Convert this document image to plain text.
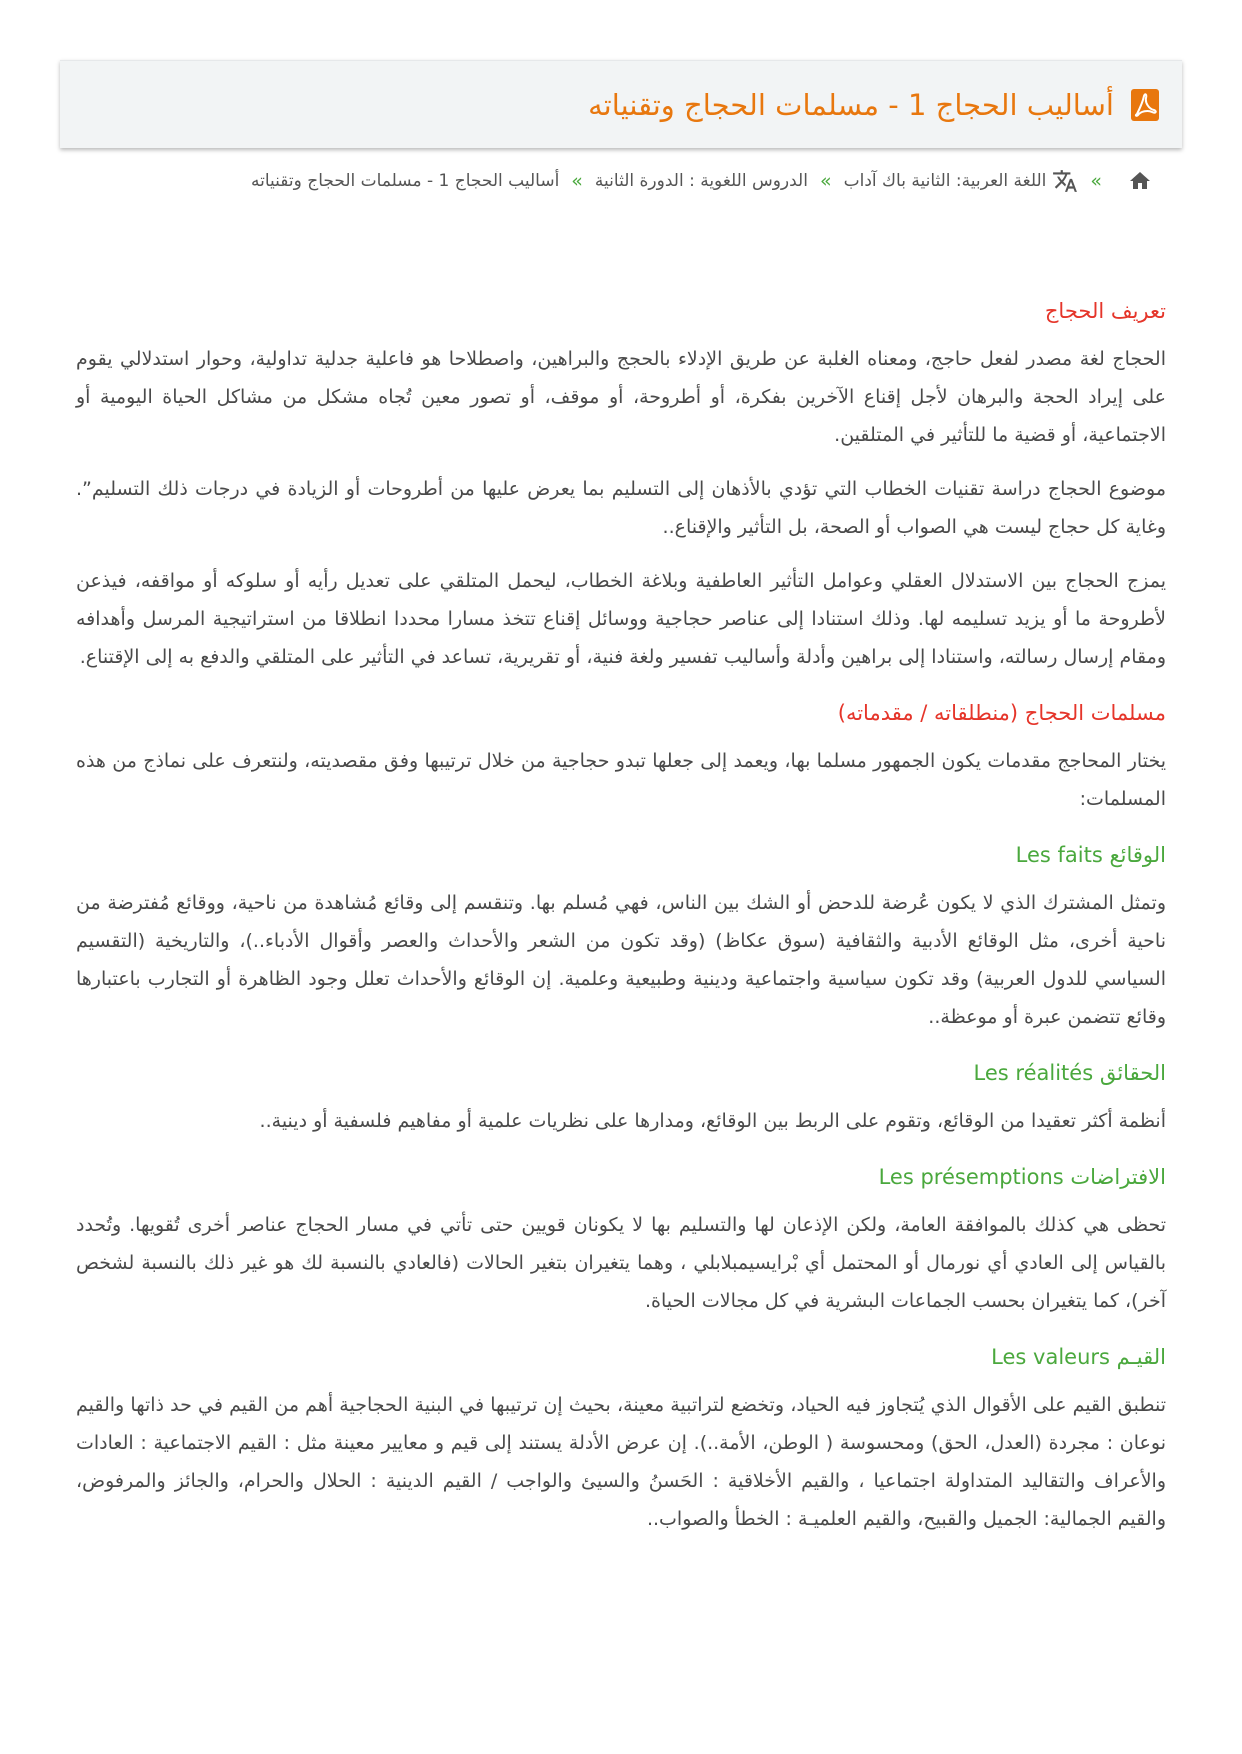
أساليب الحجاج 1 - مسلمات الحجاج وتقنياته
»
اللغة العربية: الثانية باك آداب
»
الدروس اللغوية : الدورة الثانية
»
أساليب الحجاج 1 - مسلمات الحجاج وتقنياته
تعريف الحجاج

الحجاج لغة مصدر لفعل حاجج، ومعناه الغلبة عن طريق الإدلاء بالحجج والبراهين، واصطلاحا هو فاعلية جدلية تداولية، وحوار استدلالي يقوم على إيراد الحجة والبرهان لأجل إقناع الآخرين بفكرة، أو أطروحة، أو موقف، أو تصور معين تُجاه مشكل من مشاكل الحياة اليومية أو الاجتماعية، أو قضية ما للتأثير في المتلقين.

موضوع الحجاج دراسة تقنيات الخطاب التي تؤدي بالأذهان إلى التسليم بما يعرض عليها من أطروحات أو الزيادة في درجات ذلك التسليم”. وغاية كل حجاج ليست هي الصواب أو الصحة، بل التأثير والإقناع..

يمزج الحجاج بين الاستدلال العقلي وعوامل التأثير العاطفية وبلاغة الخطاب، ليحمل المتلقي على تعديل رأيه أو سلوكه أو مواقفه، فيذعن لأطروحة ما أو يزيد تسليمه لها. وذلك استنادا إلى عناصر حجاجية ووسائل إقناع تتخذ مسارا محددا انطلاقا من استراتيجية المرسل وأهدافه ومقام إرسال رسالته، واستنادا إلى براهين وأدلة وأساليب تفسير ولغة فنية، أو تقريرية، تساعد في التأثير على المتلقي والدفع به إلى الإقتناع.

مسلمات الحجاج (منطلقاته / مقدماته)

يختار المحاجج مقدمات يكون الجمهور مسلما بها، ويعمد إلى جعلها تبدو حجاجية من خلال ترتيبها وفق مقصديته، ولنتعرف على نماذج من هذه المسلمات:

الوقائع Les faits

وتمثل المشترك الذي لا يكون عُرضة للدحض أو الشك بين الناس، فهي مُسلم بها. وتنقسم إلى وقائع مُشاهدة من ناحية، ووقائع مُفترضة من ناحية أخرى، مثل الوقائع الأدبية والثقافية (سوق عكاظ) (وقد تكون من الشعر والأحداث والعصر وأقوال الأدباء..)، والتاريخية (التقسيم السياسي للدول العربية) وقد تكون سياسية واجتماعية ودينية وطبيعية وعلمية. إن الوقائع والأحداث تعلل وجود الظاهرة أو التجارب باعتبارها وقائع تتضمن عبرة أو موعظة..

الحقائق Les réalités

أنظمة أكثر تعقيدا من الوقائع، وتقوم على الربط بين الوقائع، ومدارها على نظريات علمية أو مفاهيم فلسفية أو دينية..

الافتراضات Les présemptions

تحظى هي كذلك بالموافقة العامة، ولكن الإذعان لها والتسليم بها لا يكونان قويين حتى تأتي في مسار الحجاج عناصر أخرى تُقويها. وتُحدد بالقياس إلى العادي أي نورمال أو المحتمل أي بْرايسيمبلابلي ، وهما يتغيران بتغير الحالات (فالعادي بالنسبة لك هو غير ذلك بالنسبة لشخص آخر)، كما يتغيران بحسب الجماعات البشرية في كل مجالات الحياة.

القيـم Les valeurs

تنطبق القيم على الأقوال الذي يُتجاوز فيه الحياد، وتخضع لتراتبية معينة، بحيث إن ترتيبها في البنية الحجاجية أهم من القيم في حد ذاتها والقيم نوعان : مجردة (العدل، الحق) ومحسوسة ( الوطن، الأمة..). إن عرض الأدلة يستند إلى قيم و معايير معينة مثل : القيم الاجتماعية : العادات والأعراف والتقاليد المتداولة اجتماعيا ، والقيم الأخلاقية : الحَسنُ والسيئ والواجب / القيم الدينية : الحلال والحرام، والجائز والمرفوض، والقيم الجمالية: الجميل والقبيح، والقيم العلميـة : الخطأ والصواب..
